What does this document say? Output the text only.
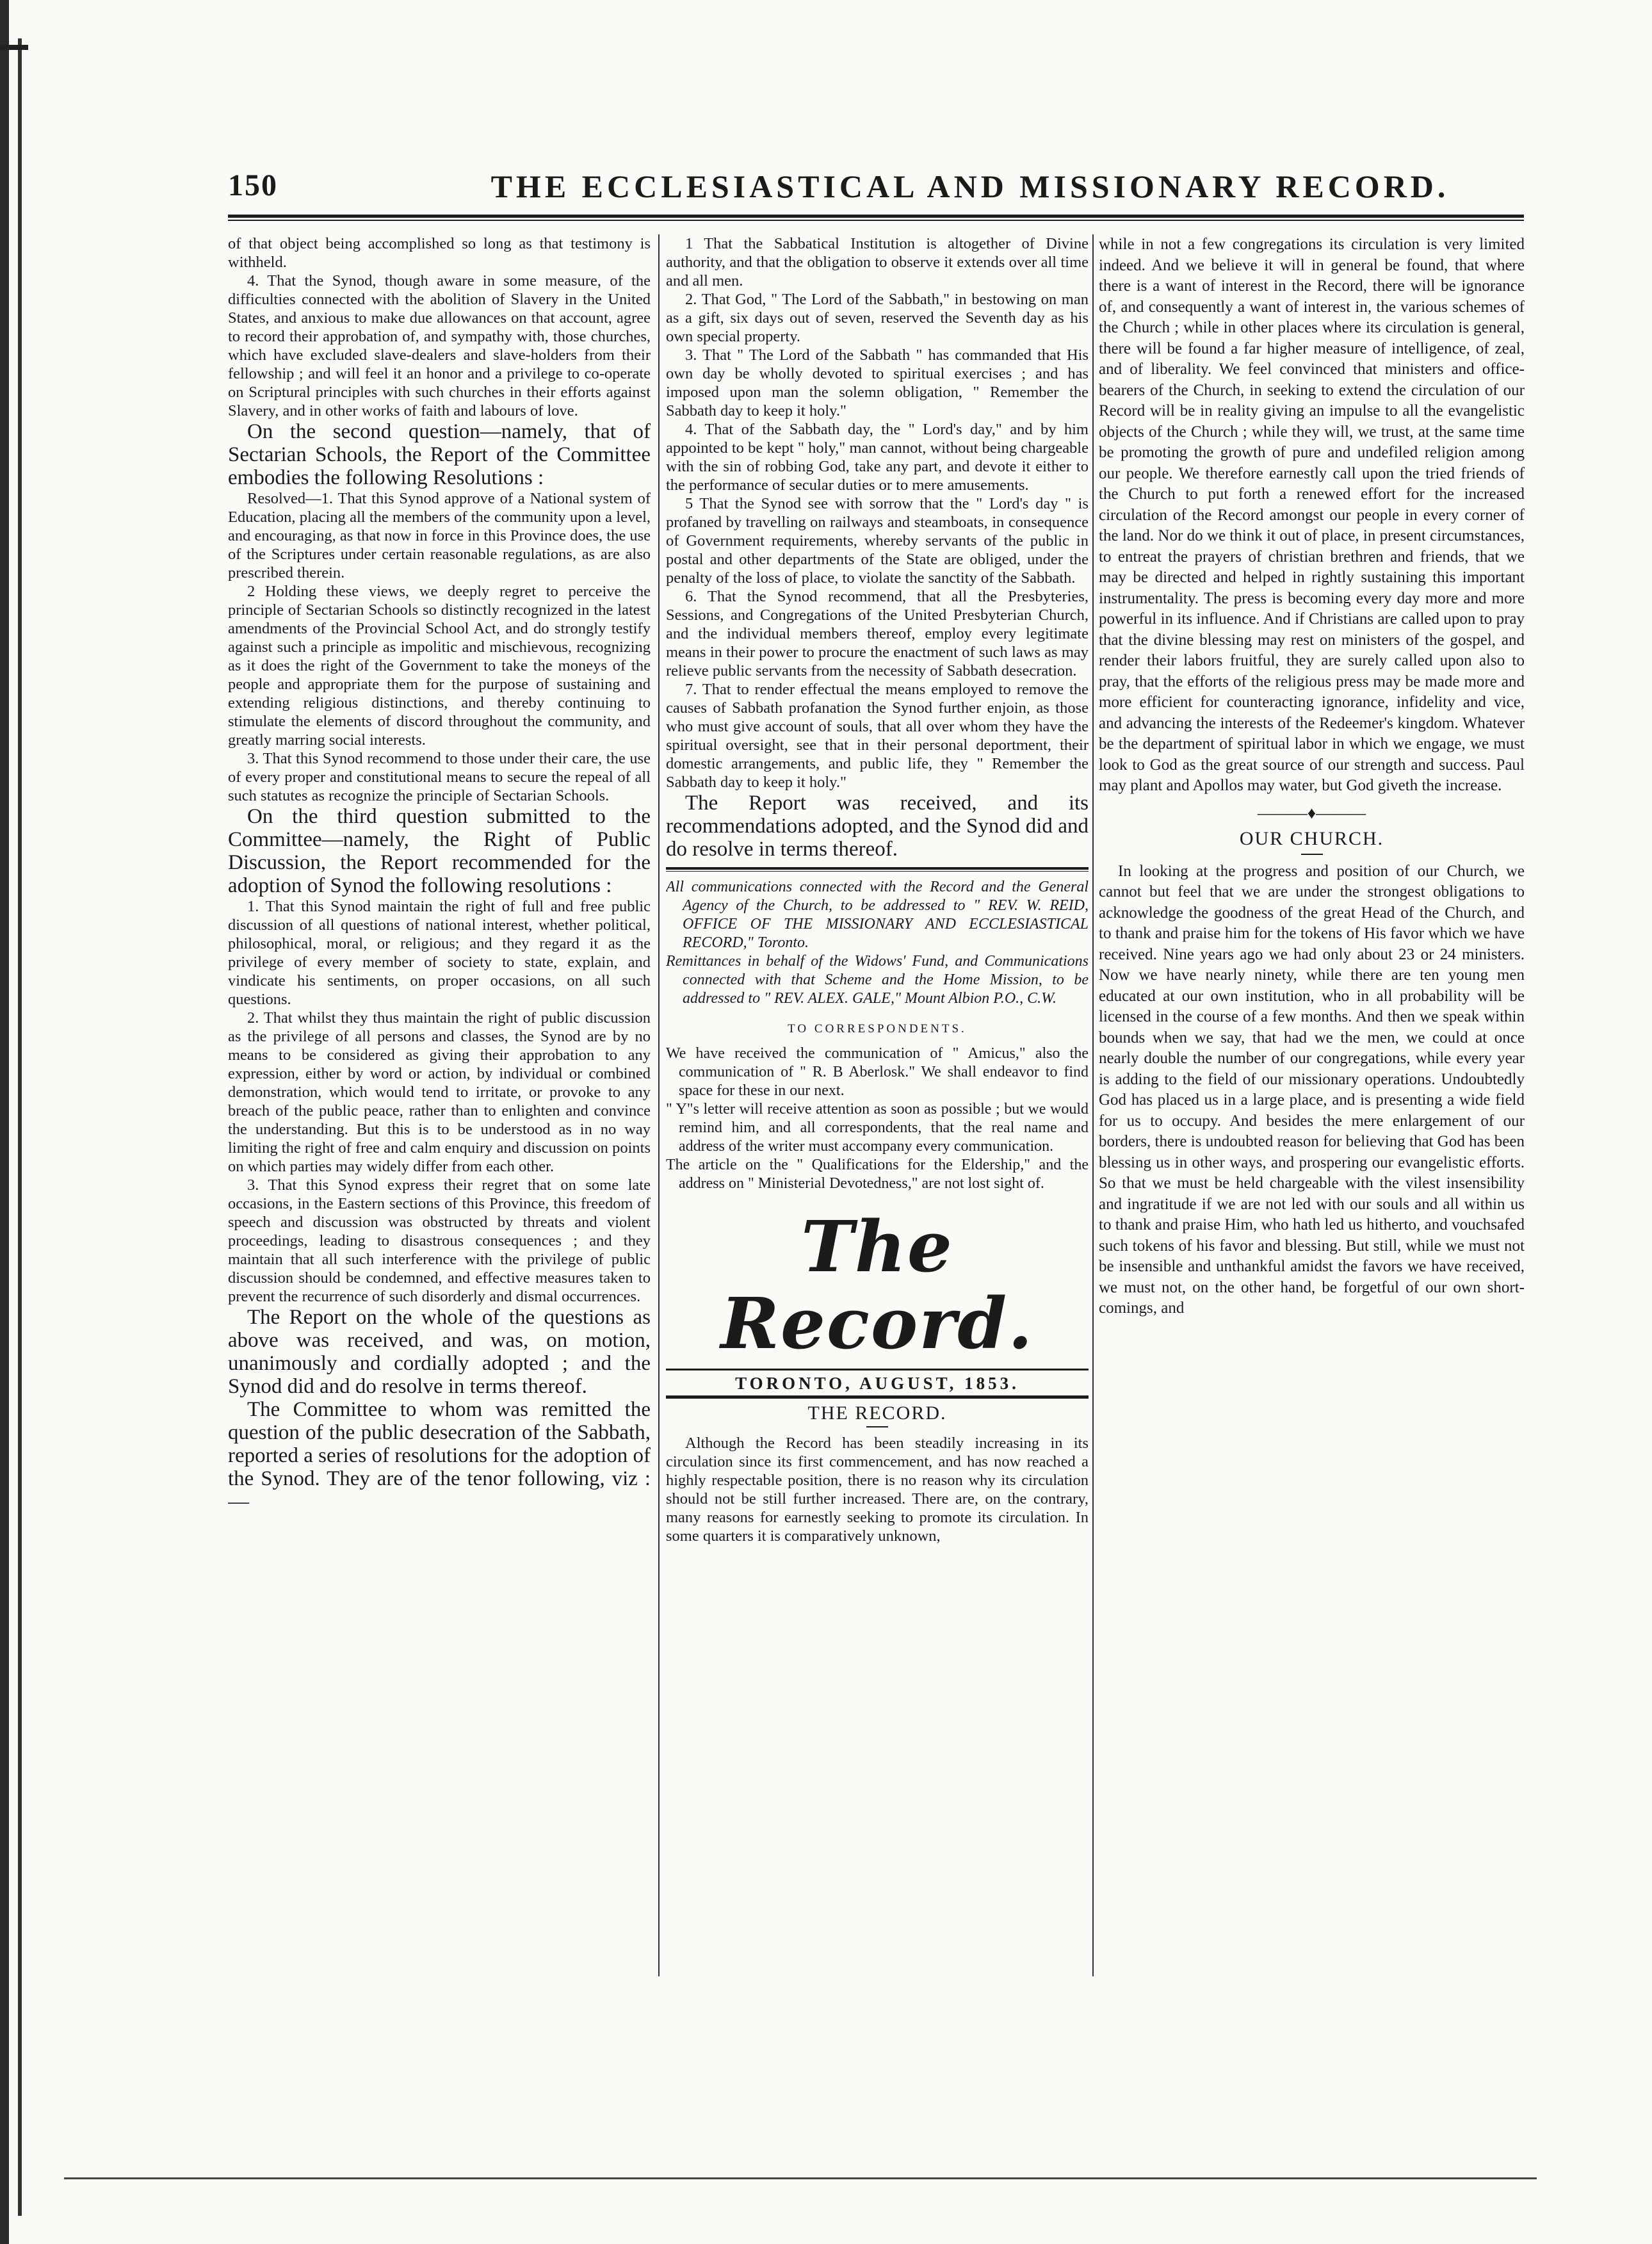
150	THE ECCLESIASTICAL AND MISSIONARY RECORD.

of that object being accomplished so long as that testimony is withheld.

4. That the Synod, though aware in some measure, of the difficulties connected with the abolition of Slavery in the United States, and anxious to make due allowances on that account, agree to record their approbation of, and sympathy with, those churches, which have excluded slave-dealers and slave-holders from their fellowship ; and will feel it an honor and a privilege to co-operate on Scriptural principles with such churches in their efforts against Slavery, and in other works of faith and labours of love.

On the second question—namely, that of Sectarian Schools, the Report of the Committee embodies the following Resolutions :

Resolved—1. That this Synod approve of a National system of Education, placing all the members of the community upon a level, and encouraging, as that now in force in this Province does, the use of the Scriptures under certain reasonable regulations, as are also prescribed therein.

2 Holding these views, we deeply regret to perceive the principle of Sectarian Schools so distinctly recognized in the latest amendments of the Provincial School Act, and do strongly testify against such a principle as impolitic and mischievous, recognizing as it does the right of the Government to take the moneys of the people and appropriate them for the purpose of sustaining and extending religious distinctions, and thereby continuing to stimulate the elements of discord throughout the community, and greatly marring social interests.

3. That this Synod recommend to those under their care, the use of every proper and constitutional means to secure the repeal of all such statutes as recognize the principle of Sectarian Schools.

On the third question submitted to the Committee—namely, the Right of Public Discussion, the Report recommended for the adoption of Synod the following resolutions :

1. That this Synod maintain the right of full and free public discussion of all questions of national interest, whether political, philosophical, moral, or religious; and they regard it as the privilege of every member of society to state, explain, and vindicate his sentiments, on proper occasions, on all such questions.

2. That whilst they thus maintain the right of public discussion as the privilege of all persons and classes, the Synod are by no means to be considered as giving their approbation to any expression, either by word or action, by individual or combined demonstration, which would tend to irritate, or provoke to any breach of the public peace, rather than to enlighten and convince the understanding. But this is to be understood as in no way limiting the right of free and calm enquiry and discussion on points on which parties may widely differ from each other.

3. That this Synod express their regret that on some late occasions, in the Eastern sections of this Province, this freedom of speech and discussion was obstructed by threats and violent proceedings, leading to disastrous consequences ; and they maintain that all such interference with the privilege of public discussion should be condemned, and effective measures taken to prevent the recurrence of such disorderly and dismal occurrences.

The Report on the whole of the questions as above was received, and was, on motion, unanimously and cordially adopted ; and the Synod did and do resolve in terms thereof.

The Committee to whom was remitted the question of the public desecration of the Sabbath, reported a series of resolutions for the adoption of the Synod. They are of the tenor following, viz :—

1 That the Sabbatical Institution is altogether of Divine authority, and that the obligation to observe it extends over all time and all men.

2. That God, " The Lord of the Sabbath," in bestowing on man as a gift, six days out of seven, reserved the Seventh day as his own special property.

3. That " The Lord of the Sabbath " has commanded that His own day be wholly devoted to spiritual exercises ; and has imposed upon man the solemn obligation, " Remember the Sabbath day to keep it holy."

4. That of the Sabbath day, the " Lord's day," and by him appointed to be kept " holy," man cannot, without being chargeable with the sin of robbing God, take any part, and devote it either to the performance of secular duties or to mere amusements.

5 That the Synod see with sorrow that the " Lord's day " is profaned by travelling on railways and steamboats, in consequence of Government requirements, whereby servants of the public in postal and other departments of the State are obliged, under the penalty of the loss of place, to violate the sanctity of the Sabbath.

6. That the Synod recommend, that all the Presbyteries, Sessions, and Congregations of the United Presbyterian Church, and the individual members thereof, employ every legitimate means in their power to procure the enactment of such laws as may relieve public servants from the necessity of Sabbath desecration.

7. That to render effectual the means employed to remove the causes of Sabbath profanation the Synod further enjoin, as those who must give account of souls, that all over whom they have the spiritual oversight, see that in their personal deportment, their domestic arrangements, and public life, they " Remember the Sabbath day to keep it holy."

The Report was received, and its recommendations adopted, and the Synod did and do resolve in terms thereof.

All communications connected with the Record and the General Agency of the Church, to be addressed to " REV. W. REID, OFFICE OF THE MISSIONARY AND ECCLESIASTICAL RECORD," Toronto.

Remittances in behalf of the Widows' Fund, and Communications connected with that Scheme and the Home Mission, to be addressed to " REV. ALEX. GALE," Mount Albion P.O., C.W.

TO CORRESPONDENTS.

We have received the communication of " Amicus," also the communication of " R. B Aberlosk." We shall endeavor to find space for these in our next.

" Y"s letter will receive attention as soon as possible ; but we would remind him, and all correspondents, that the real name and address of the writer must accompany every communication.

The article on the " Qualifications for the Eldership," and the address on " Ministerial Devotedness," are not lost sight of.

The Record.
TORONTO, AUGUST, 1853.
THE RECORD.

Although the Record has been steadily increasing in its circulation since its first commencement, and has now reached a highly respectable position, there is no reason why its circulation should not be still further increased. There are, on the contrary, many reasons for earnestly seeking to promote its circulation. In some quarters it is comparatively unknown,

while in not a few congregations its circulation is very limited indeed. And we believe it will in general be found, that where there is a want of interest in the Record, there will be ignorance of, and consequently a want of interest in, the various schemes of the Church ; while in other places where its circulation is general, there will be found a far higher measure of intelligence, of zeal, and of liberality. We feel convinced that ministers and office-bearers of the Church, in seeking to extend the circulation of our Record will be in reality giving an impulse to all the evangelistic objects of the Church ; while they will, we trust, at the same time be promoting the growth of pure and undefiled religion among our people. We therefore earnestly call upon the tried friends of the Church to put forth a renewed effort for the increased circulation of the Record amongst our people in every corner of the land. Nor do we think it out of place, in present circumstances, to entreat the prayers of christian brethren and friends, that we may be directed and helped in rightly sustaining this important instrumentality. The press is becoming every day more and more powerful in its influence. And if Christians are called upon to pray that the divine blessing may rest on ministers of the gospel, and render their labors fruitful, they are surely called upon also to pray, that the efforts of the religious press may be made more and more efficient for counteracting ignorance, infidelity and vice, and advancing the interests of the Redeemer's kingdom. Whatever be the department of spiritual labor in which we engage, we must look to God as the great source of our strength and success. Paul may plant and Apollos may water, but God giveth the increase.

———♦———
OUR CHURCH.

In looking at the progress and position of our Church, we cannot but feel that we are under the strongest obligations to acknowledge the goodness of the great Head of the Church, and to thank and praise him for the tokens of His favor which we have received. Nine years ago we had only about 23 or 24 ministers. Now we have nearly ninety, while there are ten young men educated at our own institution, who in all probability will be licensed in the course of a few months. And then we speak within bounds when we say, that had we the men, we could at once nearly double the number of our congregations, while every year is adding to the field of our missionary operations. Undoubtedly God has placed us in a large place, and is presenting a wide field for us to occupy. And besides the mere enlargement of our borders, there is undoubted reason for believing that God has been blessing us in other ways, and prospering our evangelistic efforts. So that we must be held chargeable with the vilest insensibility and ingratitude if we are not led with our souls and all within us to thank and praise Him, who hath led us hitherto, and vouchsafed such tokens of his favor and blessing. But still, while we must not be insensible and unthankful amidst the favors we have received, we must not, on the other hand, be forgetful of our own short-comings, and
